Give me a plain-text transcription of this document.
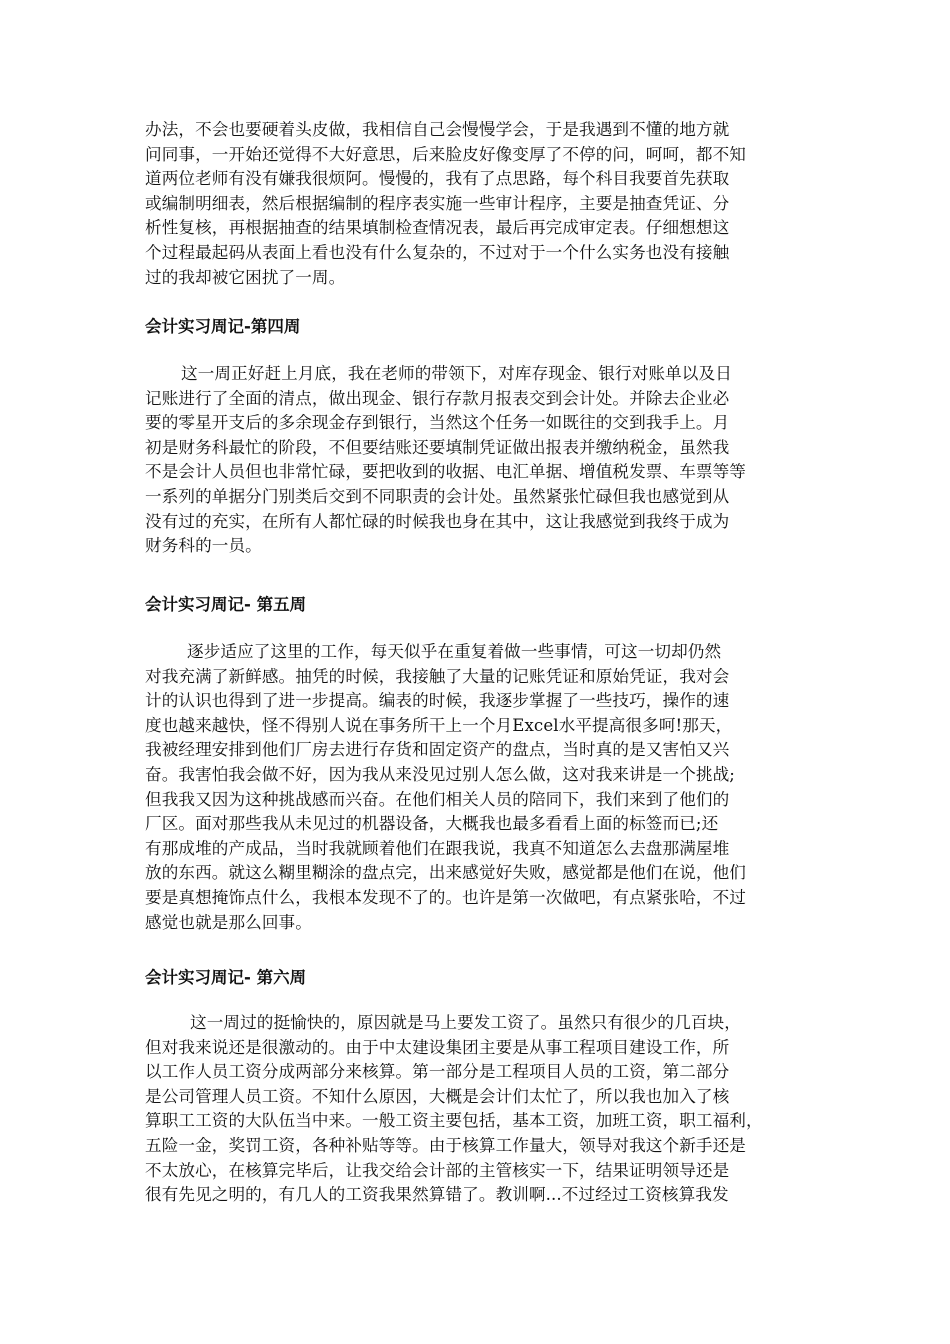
办法，不会也要硬着头皮做，我相信自己会慢慢学会，于是我遇到不懂的地方就
问同事，一开始还觉得不大好意思，后来脸皮好像变厚了不停的问，呵呵，都不知
道两位老师有没有嫌我很烦阿。慢慢的，我有了点思路，每个科目我要首先获取
或编制明细表，然后根据编制的程序表实施一些审计程序，主要是抽查凭证、分
析性复核，再根据抽查的结果填制检查情况表，最后再完成审定表。仔细想想这
个过程最起码从表面上看也没有什么复杂的，不过对于一个什么实务也没有接触
过的我却被它困扰了一周。
会计实习周记-第四周
这一周正好赶上月底，我在老师的带领下，对库存现金、银行对账单以及日
记账进行了全面的清点，做出现金、银行存款月报表交到会计处。并除去企业必
要的零星开支后的多余现金存到银行，当然这个任务一如既往的交到我手上。月
初是财务科最忙的阶段，不但要结账还要填制凭证做出报表并缴纳税金，虽然我
不是会计人员但也非常忙碌，要把收到的收据、电汇单据、增值税发票、车票等等
一系列的单据分门别类后交到不同职责的会计处。虽然紧张忙碌但我也感觉到从
没有过的充实，在所有人都忙碌的时候我也身在其中，这让我感觉到我终于成为
财务科的一员。
会计实习周记- 第五周
逐步适应了这里的工作，每天似乎在重复着做一些事情，可这一切却仍然
对我充满了新鲜感。抽凭的时候，我接触了大量的记账凭证和原始凭证，我对会
计的认识也得到了进一步提高。编表的时候，我逐步掌握了一些技巧，操作的速
度也越来越快，怪不得别人说在事务所干上一个月Excel水平提高很多呵!那天，
我被经理安排到他们厂房去进行存货和固定资产的盘点，当时真的是又害怕又兴
奋。我害怕我会做不好，因为我从来没见过别人怎么做，这对我来讲是一个挑战;
但我我又因为这种挑战感而兴奋。在他们相关人员的陪同下，我们来到了他们的
厂区。面对那些我从未见过的机器设备，大概我也最多看看上面的标签而已;还
有那成堆的产成品，当时我就顾着他们在跟我说，我真不知道怎么去盘那满屋堆
放的东西。就这么糊里糊涂的盘点完，出来感觉好失败，感觉都是他们在说，他们
要是真想掩饰点什么，我根本发现不了的。也许是第一次做吧，有点紧张哈，不过
感觉也就是那么回事。
会计实习周记- 第六周
这一周过的挺愉快的，原因就是马上要发工资了。虽然只有很少的几百块，
但对我来说还是很激动的。由于中太建设集团主要是从事工程项目建设工作，所
以工作人员工资分成两部分来核算。第一部分是工程项目人员的工资，第二部分
是公司管理人员工资。不知什么原因，大概是会计们太忙了，所以我也加入了核
算职工工资的大队伍当中来。一般工资主要包括，基本工资，加班工资，职工福利，
五险一金，奖罚工资，各种补贴等等。由于核算工作量大，领导对我这个新手还是
不太放心，在核算完毕后，让我交给会计部的主管核实一下，结果证明领导还是
很有先见之明的，有几人的工资我果然算错了。教训啊...不过经过工资核算我发
